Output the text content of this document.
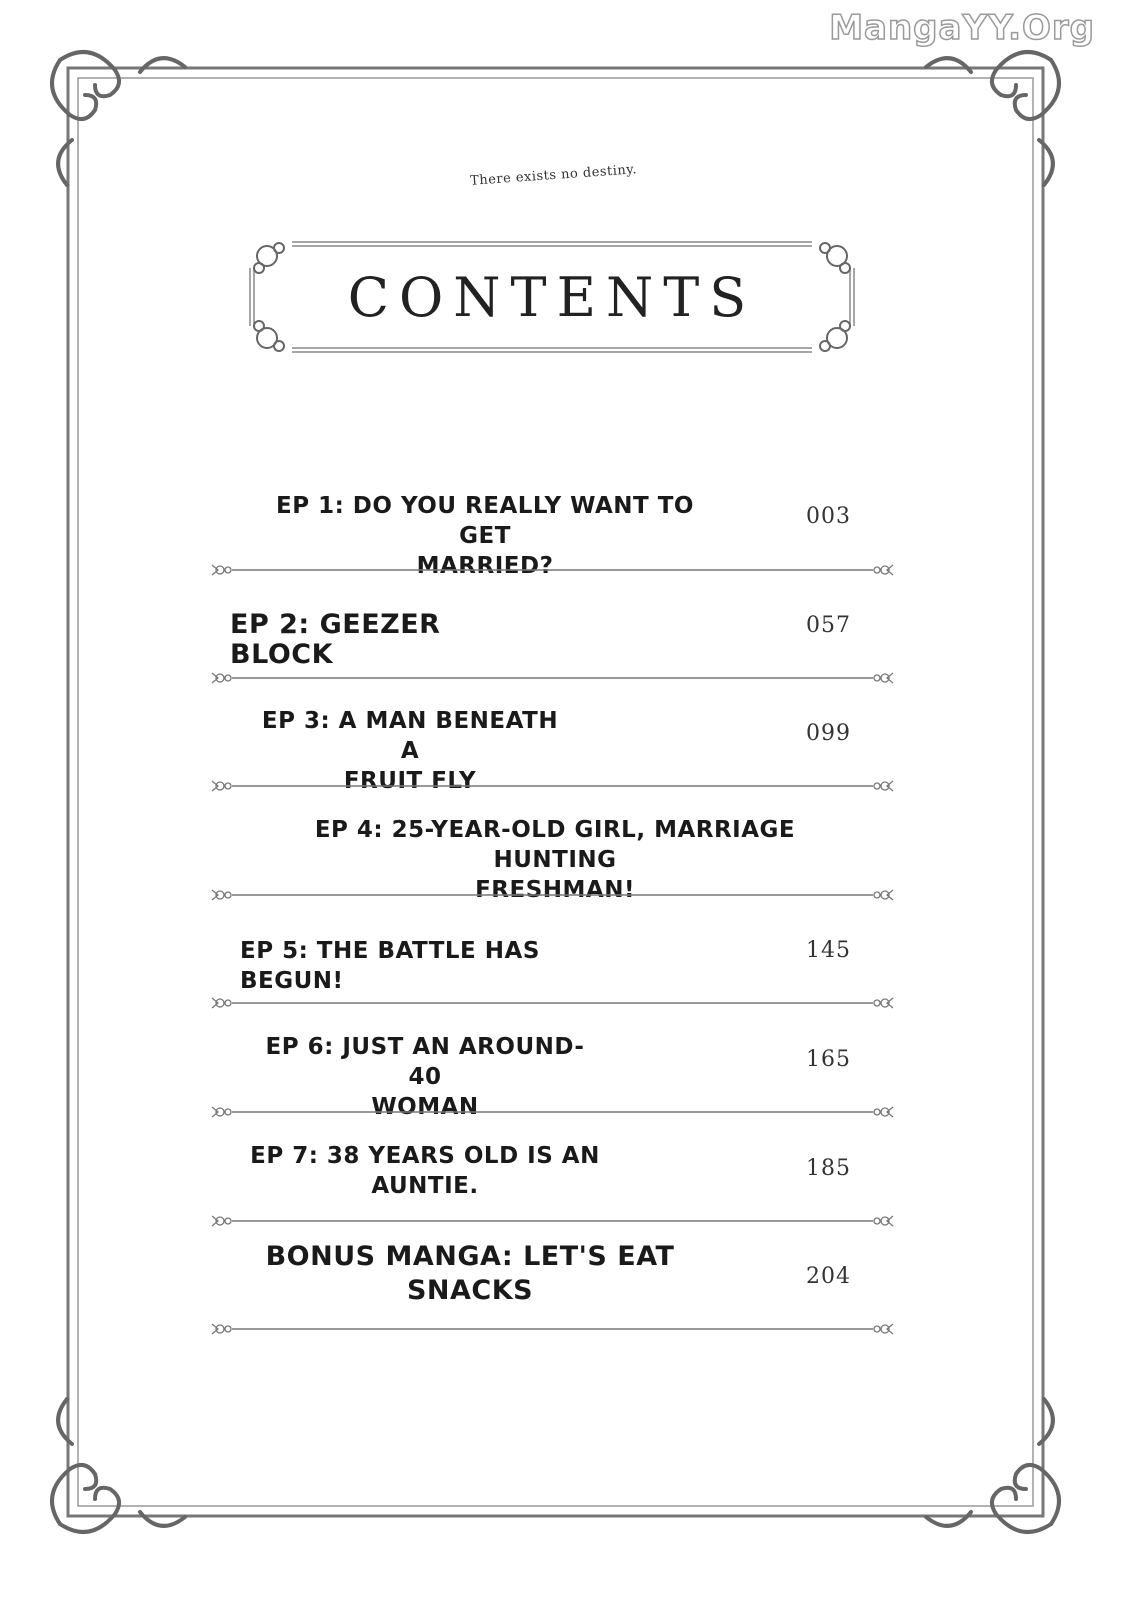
MangaYY.Org
There exists no destiny.
CONTENTS
EP 1: DO YOU REALLY WANT TO GET
MARRIED?
003
EP 2: GEEZER BLOCK
057
EP 3: A MAN BENEATH A
FRUIT FLY
099
EP 4: 25-YEAR-OLD GIRL, MARRIAGE HUNTING
FRESHMAN!
EP 5: THE BATTLE HAS BEGUN!
145
EP 6: JUST AN AROUND-40
WOMAN
165
EP 7: 38 YEARS OLD IS AN
AUNTIE.
185
BONUS MANGA: LET'S EAT
SNACKS	204
